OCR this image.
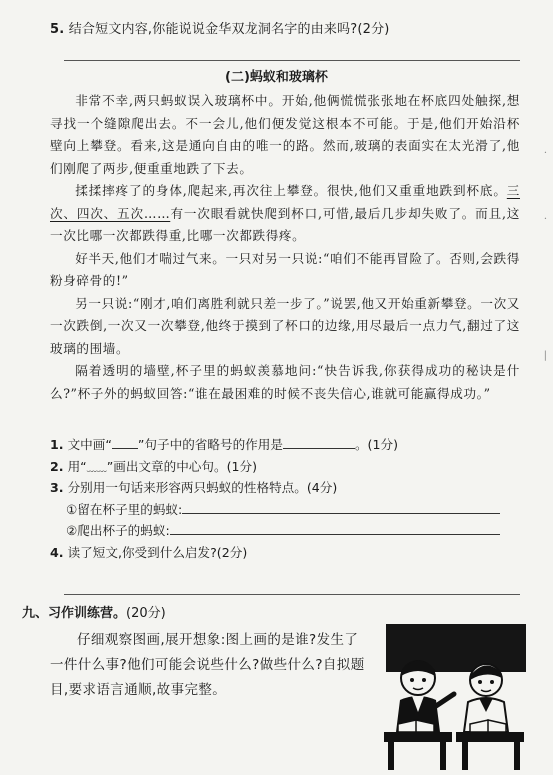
5. 结合短文内容,你能说说金华双龙洞名字的由来吗?(2分)
(二)蚂蚁和玻璃杯

非常不幸,两只蚂蚁误入玻璃杯中。开始,他俩慌慌张张地在杯底四处触探,想寻找一个缝隙爬出去。不一会儿,他们便发觉这根本不可能。于是,他们开始沿杯壁向上攀登。看来,这是通向自由的唯一的路。然而,玻璃的表面实在太光滑了,他们刚爬了两步,便重重地跌了下去。

揉揉摔疼了的身体,爬起来,再次往上攀登。很快,他们又重重地跌到杯底。三次、四次、五次……有一次眼看就快爬到杯口,可惜,最后几步却失败了。而且,这一次比哪一次都跌得重,比哪一次都跌得疼。

好半天,他们才喘过气来。一只对另一只说:“咱们不能再冒险了。否则,会跌得粉身碎骨的!”

另一只说:“刚才,咱们离胜利就只差一步了。”说罢,他又开始重新攀登。一次又一次跌倒,一次又一次攀登,他终于摸到了杯口的边缘,用尽最后一点力气,翻过了这玻璃的围墙。

隔着透明的墙壁,杯子里的蚂蚁羡慕地问:“快告诉我,你获得成功的秘诀是什么?”杯子外的蚂蚁回答:“谁在最困难的时候不丧失信心,谁就可能赢得成功。”

1. 文中画“ ”句子中的省略号的作用是	。(1分)
2. 用“﹏﹏”画出文章的中心句。(1分)
3. 分别用一句话来形容两只蚂蚁的性格特点。(4分)
①留在杯子里的蚂蚁:
②爬出杯子的蚂蚁:
4. 读了短文,你受到什么启发?(2分)
九、习作训练营。(20分)

仔细观察图画,展开想象:图上画的是谁?发生了一件什么事?他们可能会说些什么?做些什么?自拟题目,要求语言通顺,故事完整。

·
·
|
